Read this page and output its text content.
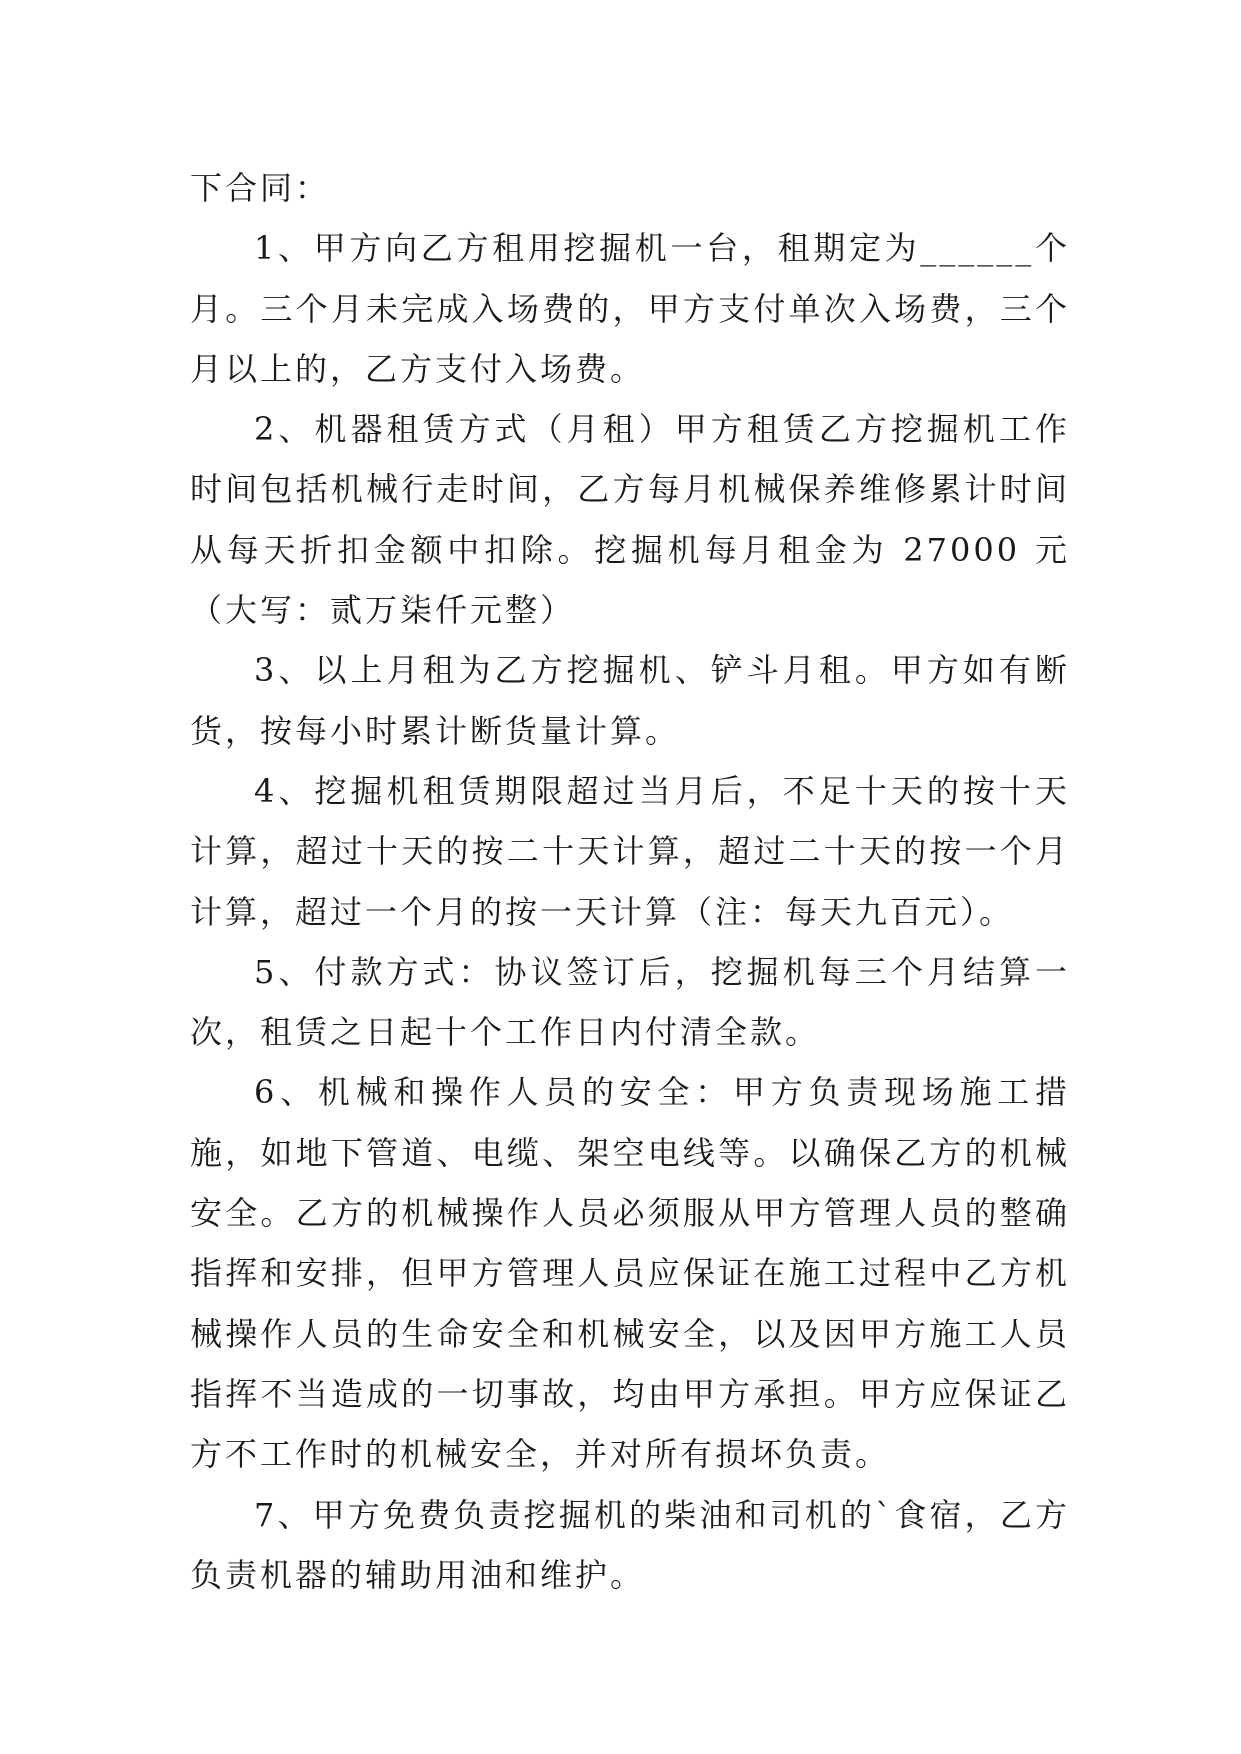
下合同：

1、甲方向乙方租用挖掘机一台，租期定为______个月。三个月未完成入场费的，甲方支付单次入场费，三个月以上的，乙方支付入场费。

2、机器租赁方式（月租）甲方租赁乙方挖掘机工作时间包括机械行走时间，乙方每月机械保养维修累计时间从每天折扣金额中扣除。挖掘机每月租金为 27000 元（大写：贰万柒仟元整）

3、以上月租为乙方挖掘机、铲斗月租。甲方如有断货，按每小时累计断货量计算。

4、挖掘机租赁期限超过当月后，不足十天的按十天计算，超过十天的按二十天计算，超过二十天的按一个月计算，超过一个月的按一天计算（注：每天九百元）。

5、付款方式：协议签订后，挖掘机每三个月结算一次，租赁之日起十个工作日内付清全款。

6、机械和操作人员的安全：甲方负责现场施工措施，如地下管道、电缆、架空电线等。以确保乙方的机械安全。乙方的机械操作人员必须服从甲方管理人员的整确指挥和安排，但甲方管理人员应保证在施工过程中乙方机械操作人员的生命安全和机械安全，以及因甲方施工人员指挥不当造成的一切事故，均由甲方承担。甲方应保证乙方不工作时的机械安全，并对所有损坏负责。

7、甲方免费负责挖掘机的柴油和司机的`食宿，乙方负责机器的辅助用油和维护。
